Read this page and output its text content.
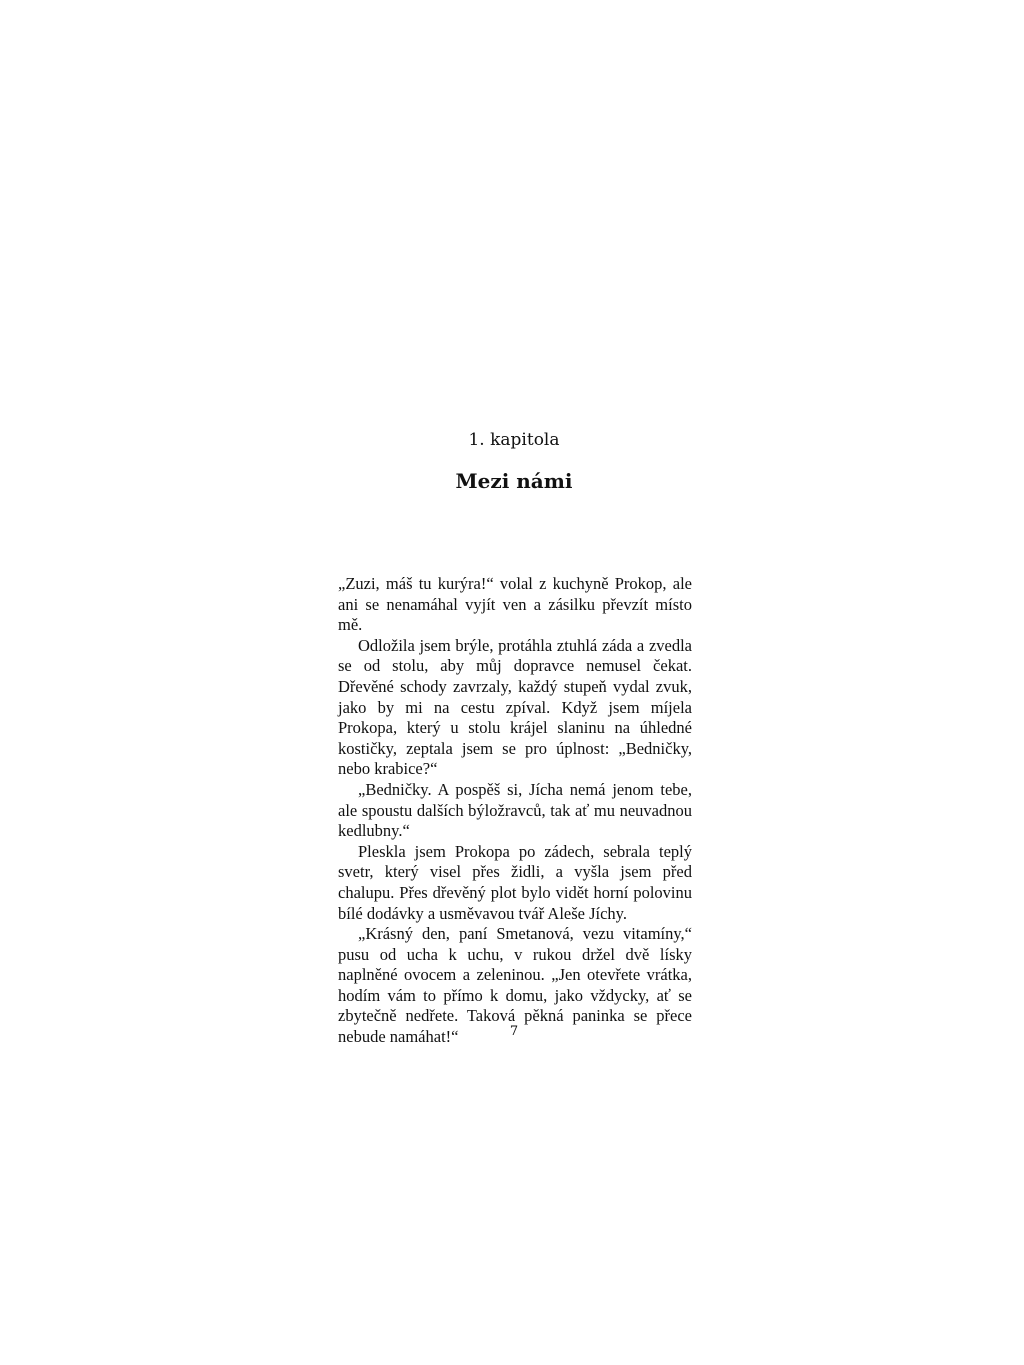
1. kapitola
Mezi námi

„Zuzi, máš tu kurýra!“ volal z kuchyně Prokop, ale ani se nenamáhal vyjít ven a zásilku převzít místo mě.

Odložila jsem brýle, protáhla ztuhlá záda a zvedla se od stolu, aby můj dopravce nemusel čekat. Dřevěné schody zavrzaly, každý stupeň vydal zvuk, jako by mi na cestu zpíval. Když jsem míjela Prokopa, který u stolu krájel slaninu na úhledné kostičky, zeptala jsem se pro úplnost: „Bedničky, nebo krabice?“

„Bedničky. A pospěš si, Jícha nemá jenom tebe, ale spoustu dalších býložravců, tak ať mu neuvadnou kedlubny.“

Pleskla jsem Prokopa po zádech, sebrala teplý svetr, který visel přes židli, a vyšla jsem před chalupu. Přes dřevěný plot bylo vidět horní polovinu bílé dodávky a usměvavou tvář Aleše Jíchy.

„Krásný den, paní Smetanová, vezu vitamíny,“ pusu od ucha k uchu, v rukou držel dvě lísky naplněné ovocem a zeleninou. „Jen otevřete vrátka, hodím vám to přímo k domu, jako vždycky, ať se zbytečně nedřete. Taková pěkná paninka se přece nebude namáhat!“	7
